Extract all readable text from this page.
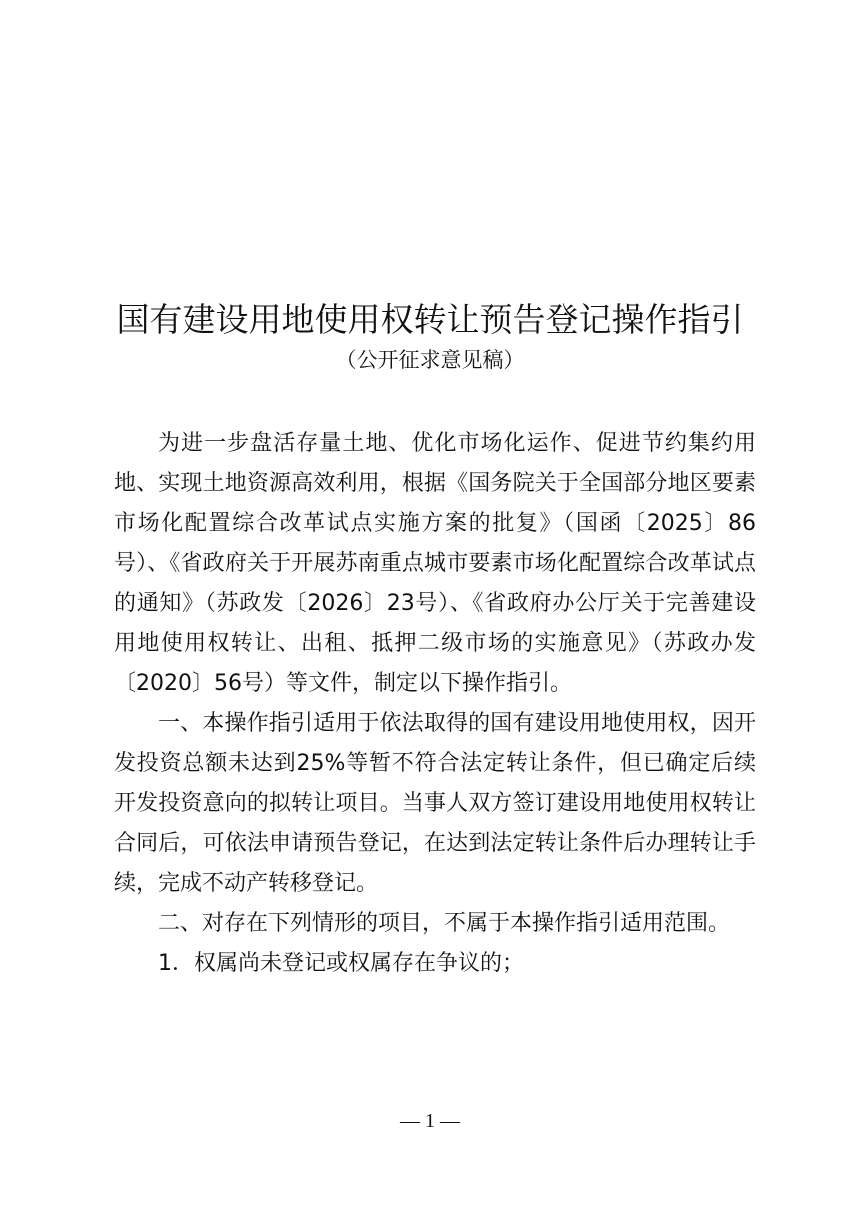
国有建设用地使用权转让预告登记操作指引
（公开征求意见稿）

为进一步盘活存量土地、优化市场化运作、促进节约集约用地、实现土地资源高效利用，根据《国务院关于全国部分地区要素市场化配置综合改革试点实施方案的批复》（国函〔2025〕86号）、《省政府关于开展苏南重点城市要素市场化配置综合改革试点的通知》（苏政发〔2026〕23号）、《省政府办公厅关于完善建设用地使用权转让、出租、抵押二级市场的实施意见》（苏政办发〔2020〕56号）等文件，制定以下操作指引。

一、本操作指引适用于依法取得的国有建设用地使用权，因开发投资总额未达到25%等暂不符合法定转让条件，但已确定后续开发投资意向的拟转让项目。当事人双方签订建设用地使用权转让合同后，可依法申请预告登记，在达到法定转让条件后办理转让手续，完成不动产转移登记。

二、对存在下列情形的项目，不属于本操作指引适用范围。

1．权属尚未登记或权属存在争议的；

— 1 —
